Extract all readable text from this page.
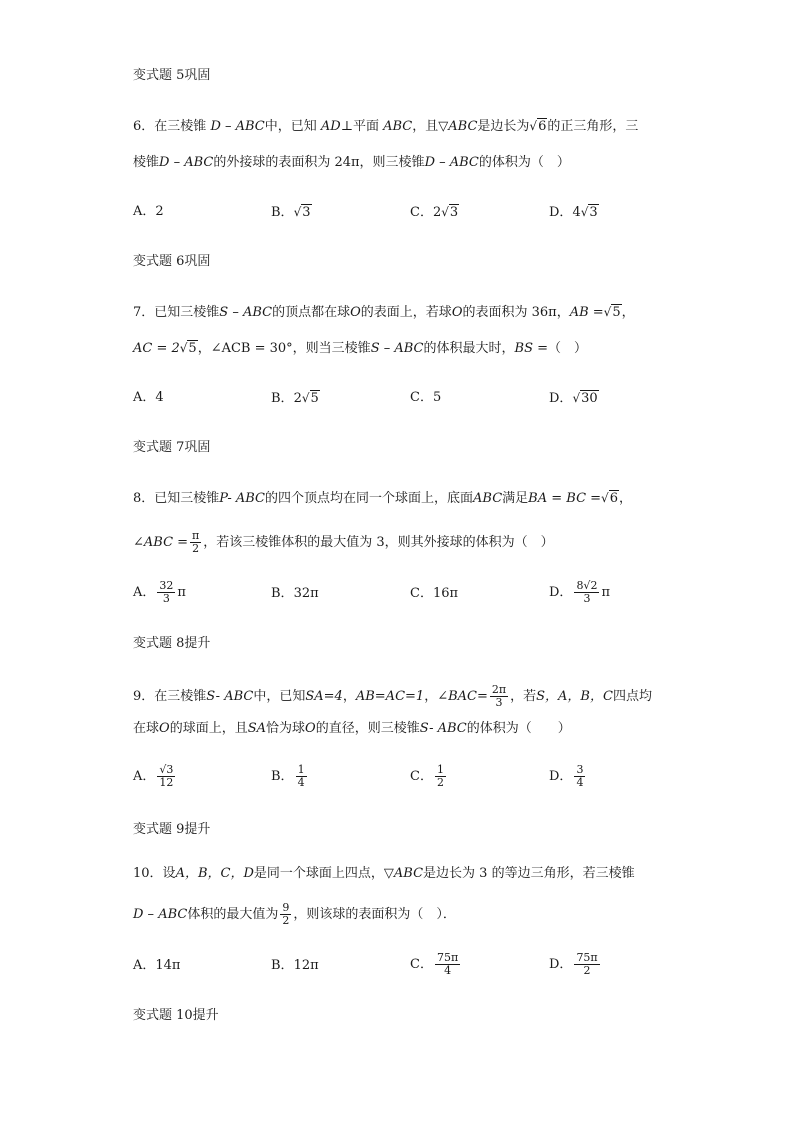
变式题 5巩固
6．在三棱锥 D – ABC中，已知 AD⊥平面 ABC，且▽ABC是边长为√6的正三角形，三
棱锥D – ABC的外接球的表面积为 24π，则三棱锥D – ABC的体积为（　）
A．2	B．√3	C．2√3	D．4√3
变式题 6巩固
7．已知三棱锥S – ABC的顶点都在球O的表面上，若球O的表面积为 36π，AB =√5，
AC = 2√5，∠ACB = 30°，则当三棱锥S – ABC的体积最大时，BS =（　）
A．4	B．2√5	C．5	D．√30
变式题 7巩固
8．已知三棱锥P- ABC的四个顶点均在同一个球面上，底面ABC满足BA = BC =√6，
∠ABC = $\frac{\pi}{2}$ ，若该三棱锥体积的最大值为 3，则其外接球的体积为（　）
A． $\frac{32}{3}$ π	B．32π	C．16π	D． $\frac{8√2}{3}$ π
变式题 8提升
9．在三棱锥S- ABC中，已知SA=4，AB=AC=1，∠BAC= $\frac{2\pi}{3}$ ，若S，A，B，C四点均
在球O的球面上，且SA恰为球O的直径，则三棱锥S- ABC的体积为（　　）
A． $\frac{√3}{12}$	B． $\frac{1}{4}$	C． $\frac{1}{2}$	D． $\frac{3}{4}$
变式题 9提升
10．设A，B，C，D是同一个球面上四点，▽ABC是边长为 3 的等边三角形，若三棱锥
D – ABC体积的最大值为 $\frac{9}{2}$ ，则该球的表面积为（　）．
A．14π	B．12π	C． $\frac{75\pi}{4}$	D． $\frac{75\pi}{2}$
变式题 10提升
